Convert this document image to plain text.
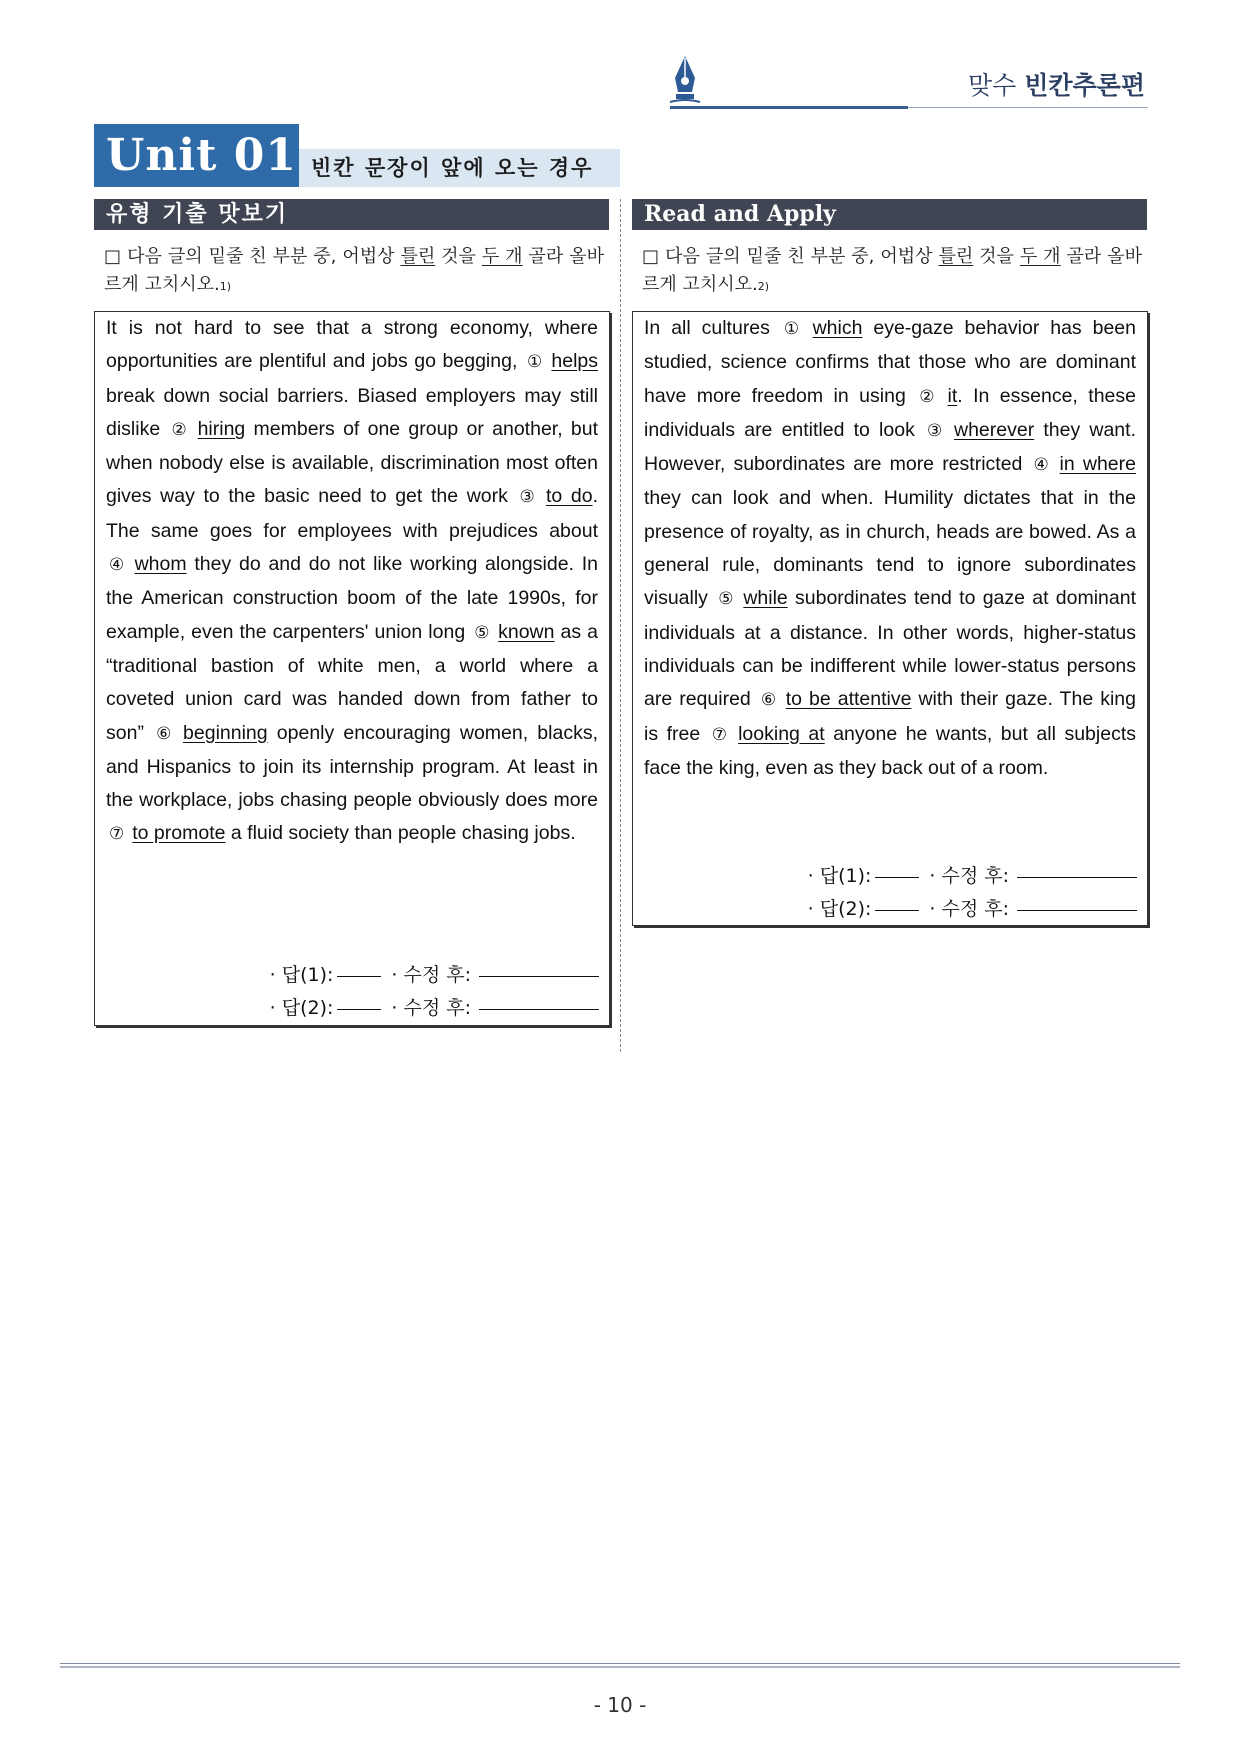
맞수 빈칸추론편
Unit 01 빈칸 문장이 앞에 오는 경우
유형 기출 맛보기
□ 다음 글의 밑줄 친 부분 중, 어법상 틀린 것을 두 개 골라 올바르게 고치시오.$^{1)}$
It is not hard to see that a strong economy, where opportunities are plentiful and jobs go begging, ① helps break down social barriers. Biased employers may still dislike ② hiring members of one group or another, but when nobody else is available, discrimination most often gives way to the basic need to get the work ③ to do. The same goes for employees with prejudices about ④ whom they do and do not like working alongside. In the American construction boom of the late 1990s, for example, even the carpenters' union long ⑤ known as a “traditional bastion of white men, a world where a coveted union card was handed down from father to son” ⑥ beginning openly encouraging women, blacks, and Hispanics to join its internship program. At least in the workplace, jobs chasing people obviously does more ⑦ to promote a fluid society than people chasing jobs.
· 답(1):	· 수정 후:
· 답(2):	· 수정 후:
Read and Apply
□ 다음 글의 밑줄 친 부분 중, 어법상 틀린 것을 두 개 골라 올바르게 고치시오.$^{2)}$
In all cultures ① which eye-gaze behavior has been studied, science confirms that those who are dominant have more freedom in using ② it. In essence, these individuals are entitled to look ③ wherever they want. However, subordinates are more restricted ④ in where they can look and when. Humility dictates that in the presence of royalty, as in church, heads are bowed. As a general rule, dominants tend to ignore subordinates visually ⑤ while subordinates tend to gaze at dominant individuals at a distance. In other words, higher-status individuals can be indifferent while lower-status persons are required ⑥ to be attentive with their gaze. The king is free ⑦ looking at anyone he wants, but all subjects face the king, even as they back out of a room.
· 답(1):	· 수정 후:
· 답(2):	· 수정 후:
- 10 -
